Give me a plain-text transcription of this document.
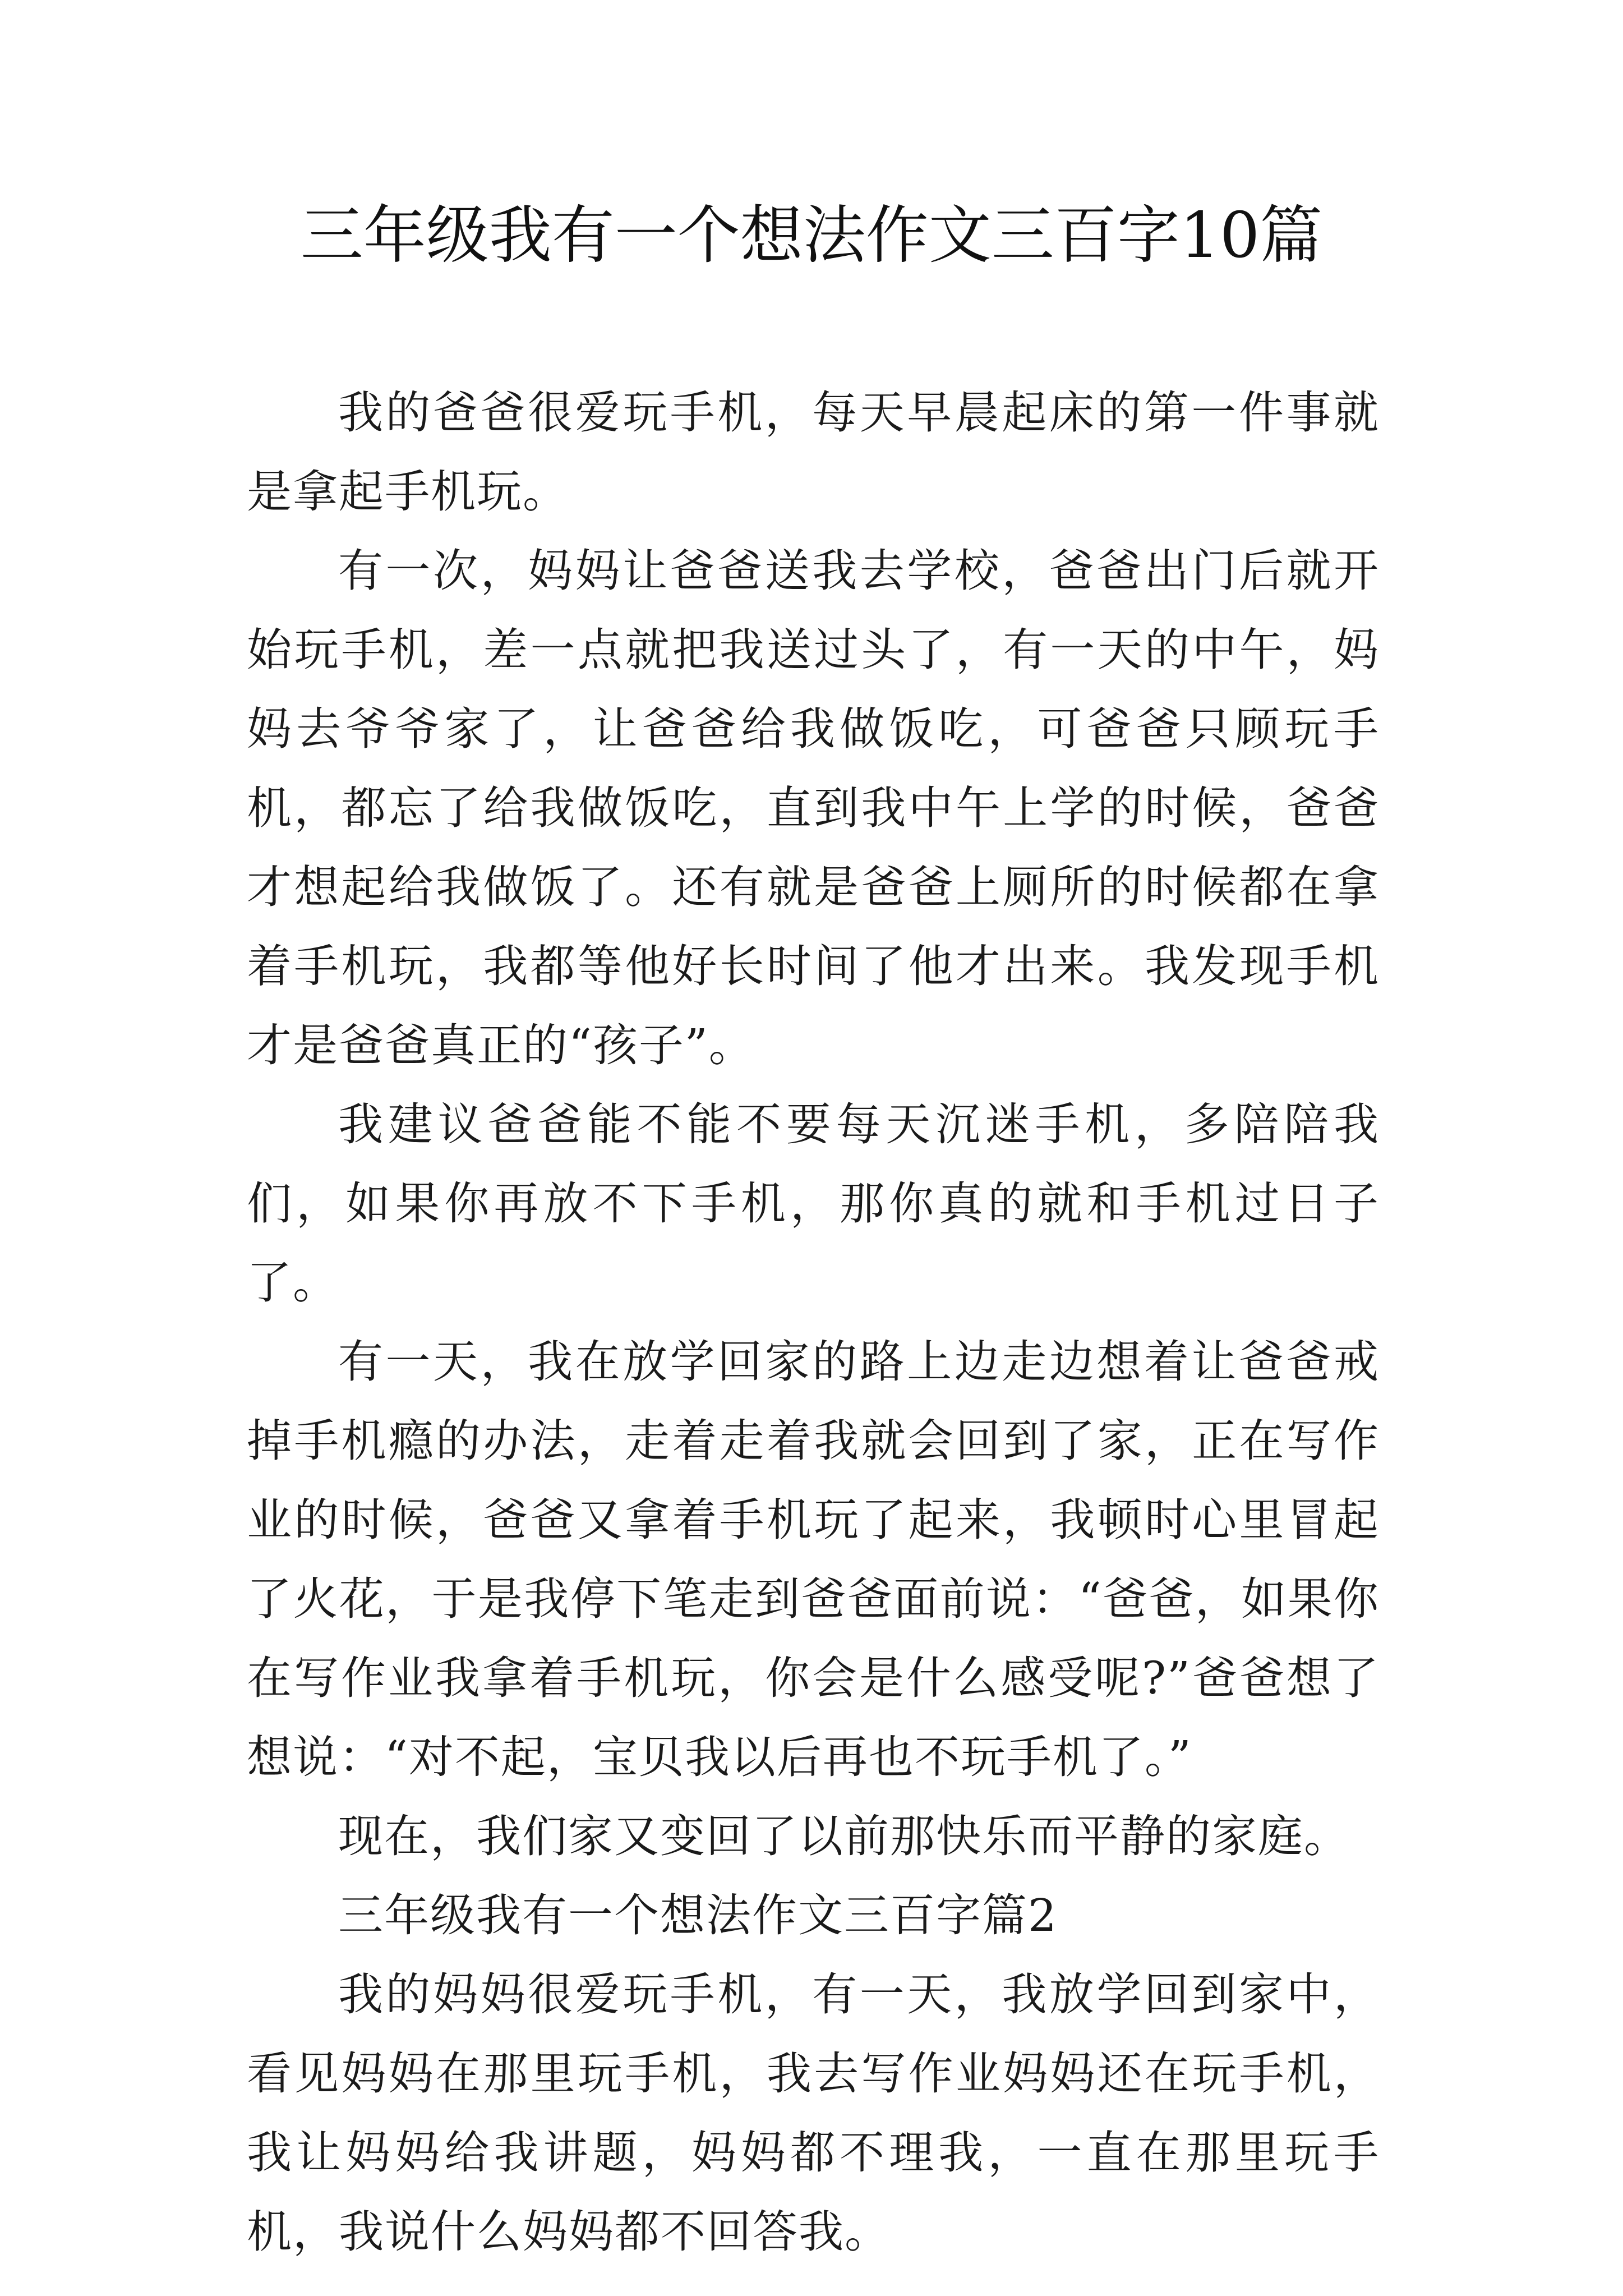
三年级我有一个想法作文三百字10篇

我的爸爸很爱玩手机，每天早晨起床的第一件事就是拿起手机玩。

有一次，妈妈让爸爸送我去学校，爸爸出门后就开始玩手机，差一点就把我送过头了，有一天的中午，妈妈去爷爷家了，让爸爸给我做饭吃，可爸爸只顾玩手机，都忘了给我做饭吃，直到我中午上学的时候，爸爸才想起给我做饭了。还有就是爸爸上厕所的时候都在拿着手机玩，我都等他好长时间了他才出来。我发现手机才是爸爸真正的“孩子”。

我建议爸爸能不能不要每天沉迷手机，多陪陪我们，如果你再放不下手机，那你真的就和手机过日子了。

有一天，我在放学回家的路上边走边想着让爸爸戒掉手机瘾的办法，走着走着我就会回到了家，正在写作业的时候，爸爸又拿着手机玩了起来，我顿时心里冒起了火花，于是我停下笔走到爸爸面前说：“爸爸，如果你在写作业我拿着手机玩，你会是什么感受呢?”爸爸想了想说：“对不起，宝贝我以后再也不玩手机了。”

现在，我们家又变回了以前那快乐而平静的家庭。

三年级我有一个想法作文三百字篇2

我的妈妈很爱玩手机，有一天，我放学回到家中，看见妈妈在那里玩手机，我去写作业妈妈还在玩手机，我让妈妈给我讲题，妈妈都不理我，一直在那里玩手机，我说什么妈妈都不回答我。
